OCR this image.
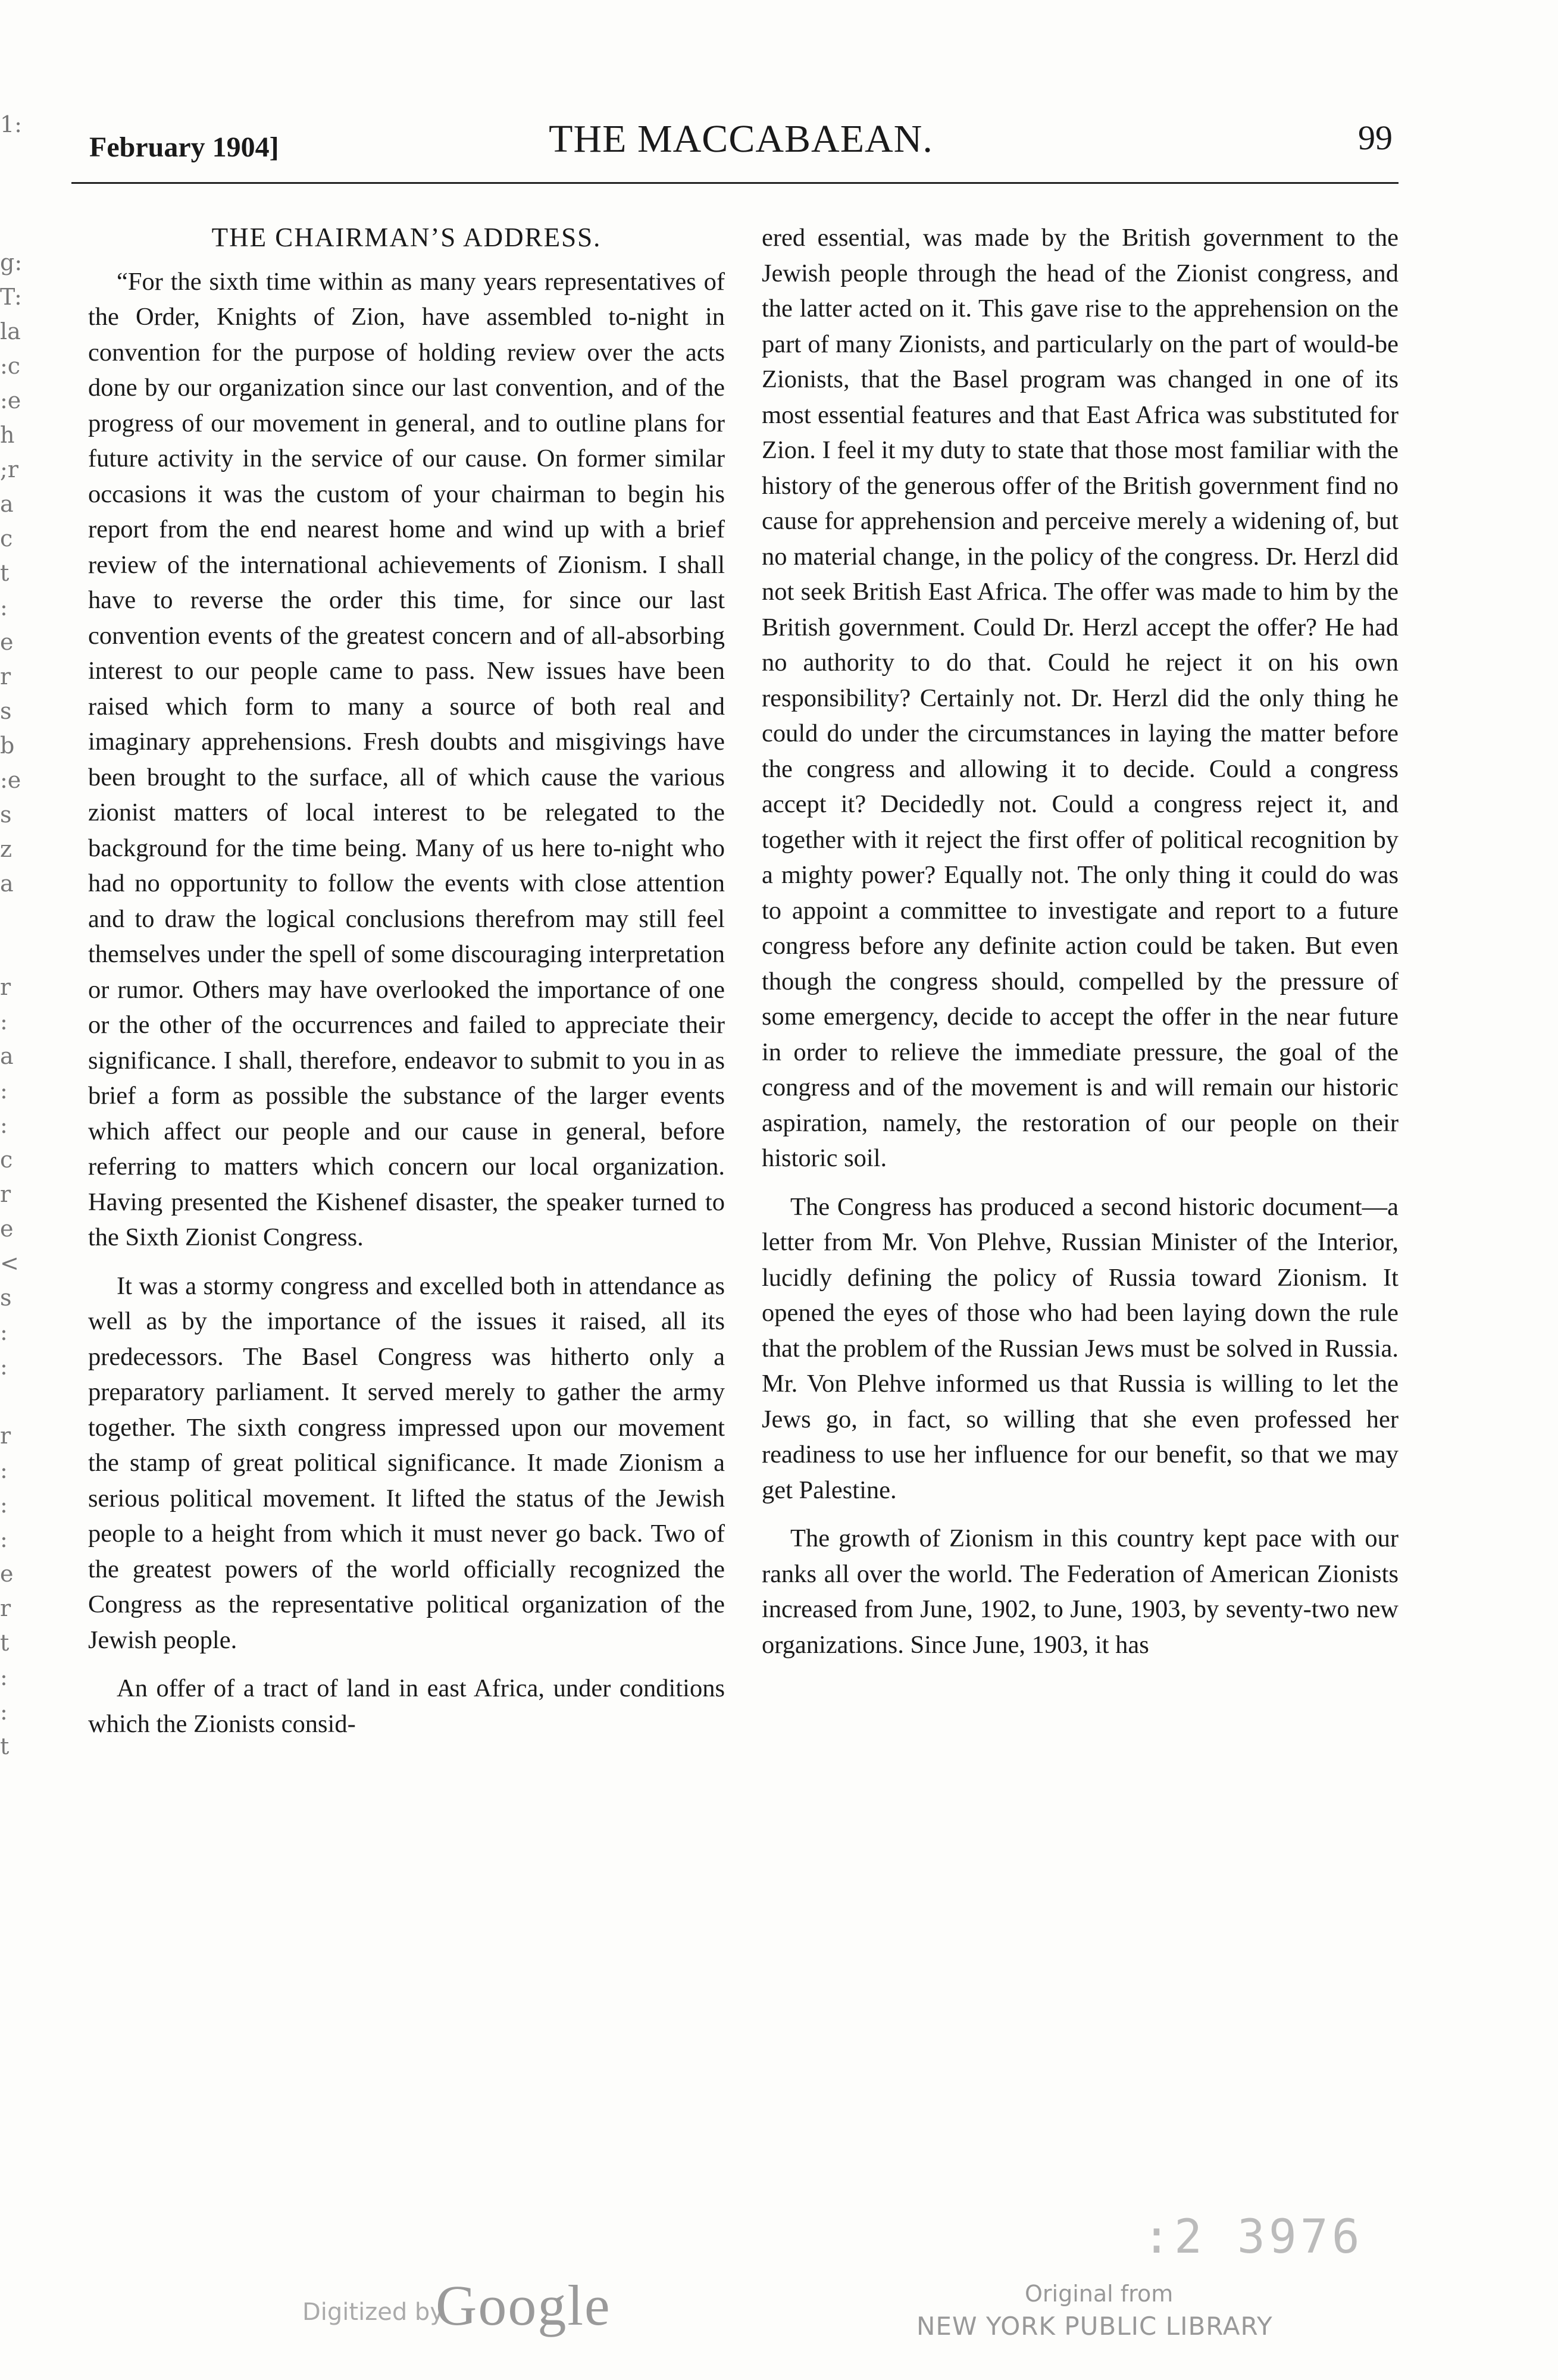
1:

g:
T:
la
:c
:e
h
;r
a
c
t
:
e
r
s
b
:e
s
z
a

r
:
a
:
:
c
r
e
<
s
:
:

r
:
:
:
e
r
t
:
:
t
February 1904]	THE MACCABAEAN.	99
THE CHAIRMAN’S ADDRESS.

“For the sixth time within as many years representatives of the Order, Knights of Zion, have assembled to-night in convention for the purpose of holding review over the acts done by our organization since our last convention, and of the progress of our movement in general, and to outline plans for future activity in the service of our cause. On former similar occasions it was the custom of your chairman to begin his report from the end nearest home and wind up with a brief review of the international achievements of Zionism. I shall have to reverse the order this time, for since our last convention events of the greatest concern and of all-absorbing interest to our people came to pass. New issues have been raised which form to many a source of both real and imaginary apprehensions. Fresh doubts and misgivings have been brought to the surface, all of which cause the various zionist matters of local interest to be relegated to the background for the time being. Many of us here to-night who had no opportunity to follow the events with close attention and to draw the logical conclusions therefrom may still feel themselves under the spell of some discouraging interpretation or rumor. Others may have overlooked the importance of one or the other of the occurrences and failed to appreciate their significance. I shall, therefore, endeavor to submit to you in as brief a form as possible the substance of the larger events which affect our people and our cause in general, before referring to matters which concern our local organization. Having presented the Kishenef disaster, the speaker turned to the Sixth Zionist Congress.

It was a stormy congress and excelled both in attendance as well as by the importance of the issues it raised, all its predecessors. The Basel Congress was hitherto only a preparatory parliament. It served merely to gather the army together. The sixth congress impressed upon our movement the stamp of great political significance. It made Zionism a serious political movement. It lifted the status of the Jewish people to a height from which it must never go back. Two of the greatest powers of the world officially recognized the Congress as the representative political organization of the Jewish people.

An offer of a tract of land in east Africa, under conditions which the Zionists consid-

ered essential, was made by the British government to the Jewish people through the head of the Zionist congress, and the latter acted on it. This gave rise to the apprehension on the part of many Zionists, and particularly on the part of would-be Zionists, that the Basel program was changed in one of its most essential features and that East Africa was substituted for Zion. I feel it my duty to state that those most familiar with the history of the generous offer of the British government find no cause for apprehension and perceive merely a widening of, but no material change, in the policy of the congress. Dr. Herzl did not seek British East Africa. The offer was made to him by the British government. Could Dr. Herzl accept the offer? He had no authority to do that. Could he reject it on his own responsibility? Certainly not. Dr. Herzl did the only thing he could do under the circumstances in laying the matter before the congress and allowing it to decide. Could a congress accept it? Decidedly not. Could a congress reject it, and together with it reject the first offer of political recognition by a mighty power? Equally not. The only thing it could do was to appoint a committee to investigate and report to a future congress before any definite action could be taken. But even though the congress should, compelled by the pressure of some emergency, decide to accept the offer in the near future in order to relieve the immediate pressure, the goal of the congress and of the movement is and will remain our historic aspiration, namely, the restoration of our people on their historic soil.

The Congress has produced a second historic document—a letter from Mr. Von Plehve, Russian Minister of the Interior, lucidly defining the policy of Russia toward Zionism. It opened the eyes of those who had been laying down the rule that the problem of the Russian Jews must be solved in Russia. Mr. Von Plehve informed us that Russia is willing to let the Jews go, in fact, so willing that she even professed her readiness to use her influence for our benefit, so that we may get Palestine.

The growth of Zionism in this country kept pace with our ranks all over the world. The Federation of American Zionists increased from June, 1902, to June, 1903, by seventy-two new organizations. Since June, 1903, it has

:2 3976
Digitized by
Google	Original from
NEW YORK PUBLIC LIBRARY
